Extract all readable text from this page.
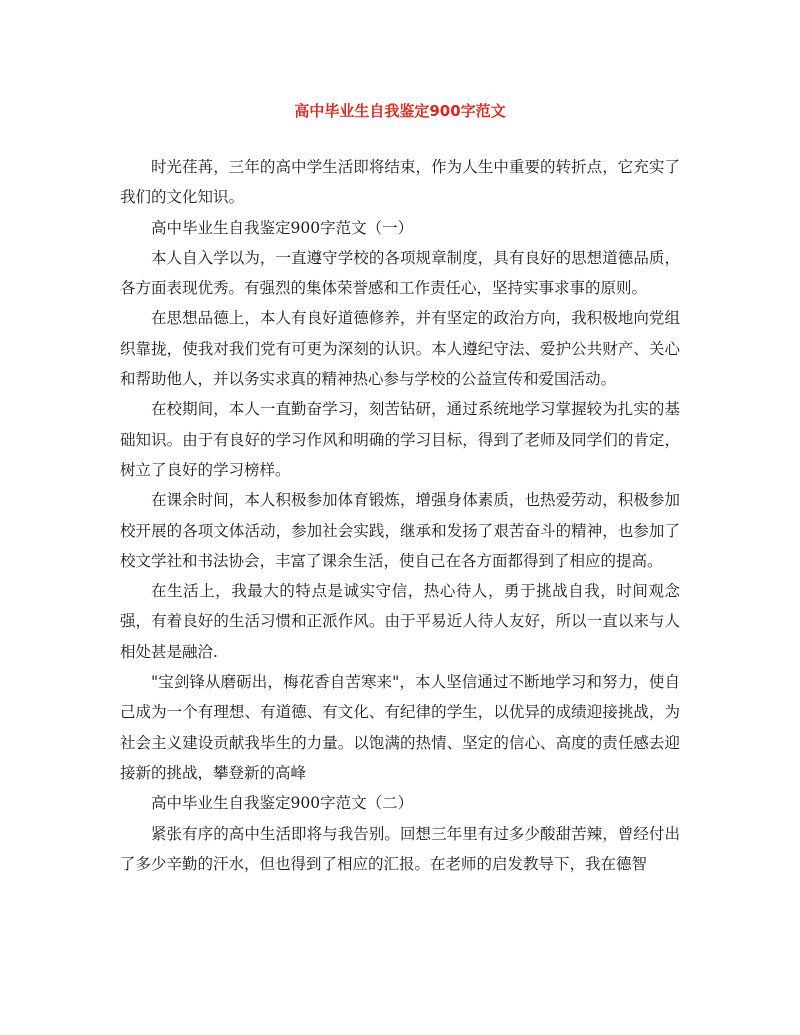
高中毕业生自我鉴定900字范文

时光荏苒，三年的高中学生活即将结束，作为人生中重要的转折点，它充实了我们的文化知识。

高中毕业生自我鉴定900字范文（一）

本人自入学以为，一直遵守学校的各项规章制度，具有良好的思想道德品质，各方面表现优秀。有强烈的集体荣誉感和工作责任心，坚持实事求事的原则。

在思想品德上，本人有良好道德修养，并有坚定的政治方向，我积极地向党组织靠拢，使我对我们党有可更为深刻的认识。本人遵纪守法、爱护公共财产、关心和帮助他人，并以务实求真的精神热心参与学校的公益宣传和爱国活动。

在校期间，本人一直勤奋学习，刻苦钻研，通过系统地学习掌握较为扎实的基础知识。由于有良好的学习作风和明确的学习目标，得到了老师及同学们的肯定，树立了良好的学习榜样。

在课余时间，本人积极参加体育锻炼，增强身体素质，也热爱劳动，积极参加校开展的各项文体活动，参加社会实践，继承和发扬了艰苦奋斗的精神，也参加了校文学社和书法协会，丰富了课余生活，使自己在各方面都得到了相应的提高。

在生活上，我最大的特点是诚实守信，热心待人，勇于挑战自我，时间观念强，有着良好的生活习惯和正派作风。由于平易近人待人友好，所以一直以来与人相处甚是融洽.

"宝剑锋从磨砺出，梅花香自苦寒来"，本人坚信通过不断地学习和努力，使自己成为一个有理想、有道德、有文化、有纪律的学生，以优异的成绩迎接挑战，为社会主义建设贡献我毕生的力量。以饱满的热情、坚定的信心、高度的责任感去迎接新的挑战，攀登新的高峰

高中毕业生自我鉴定900字范文（二）

紧张有序的高中生活即将与我告别。回想三年里有过多少酸甜苦辣，曾经付出了多少辛勤的汗水，但也得到了相应的汇报。在老师的启发教导下，我在德智
